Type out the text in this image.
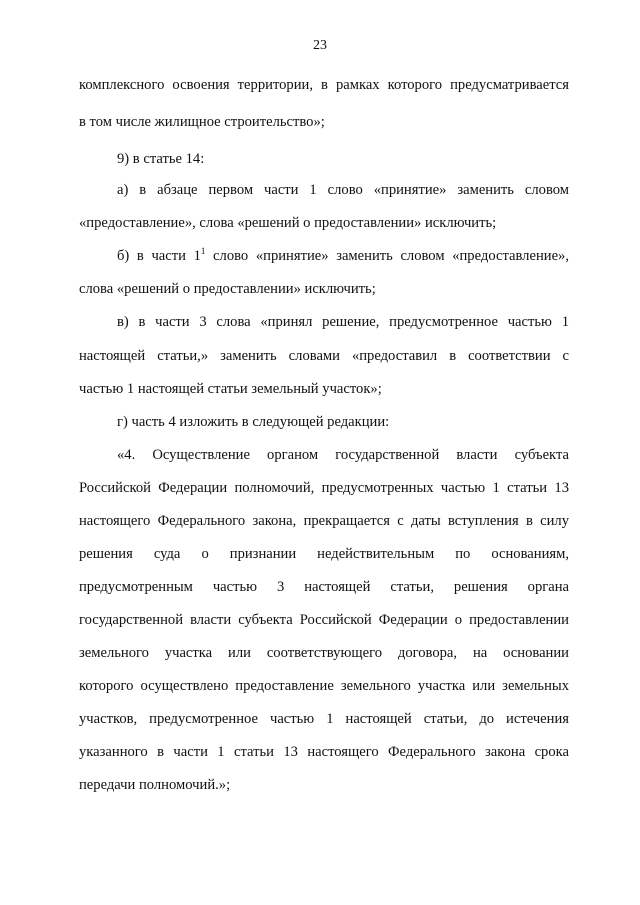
23
комплексного освоения территории, в рамках которого предусматривается
в том числе жилищное строительство»;
9) в статье 14:
а) в абзаце первом части 1 слово «принятие» заменить словом
«предоставление», слова «решений о предоставлении» исключить;
б) в части $1^1$ слово «принятие» заменить словом «предоставление»,
слова «решений о предоставлении» исключить;
в) в части 3 слова «принял решение, предусмотренное частью 1
настоящей статьи,» заменить словами «предоставил в соответствии с
частью 1 настоящей статьи земельный участок»;
г) часть 4 изложить в следующей редакции:
«4. Осуществление органом государственной власти субъекта
Российской Федерации полномочий, предусмотренных частью 1 статьи 13
настоящего Федерального закона, прекращается с даты вступления в силу
решения суда о признании недействительным по основаниям,
предусмотренным частью 3 настоящей статьи, решения органа
государственной власти субъекта Российской Федерации о предоставлении
земельного участка или соответствующего договора, на основании
которого осуществлено предоставление земельного участка или земельных
участков, предусмотренное частью 1 настоящей статьи, до истечения
указанного в части 1 статьи 13 настоящего Федерального закона срока
передачи полномочий.»;
